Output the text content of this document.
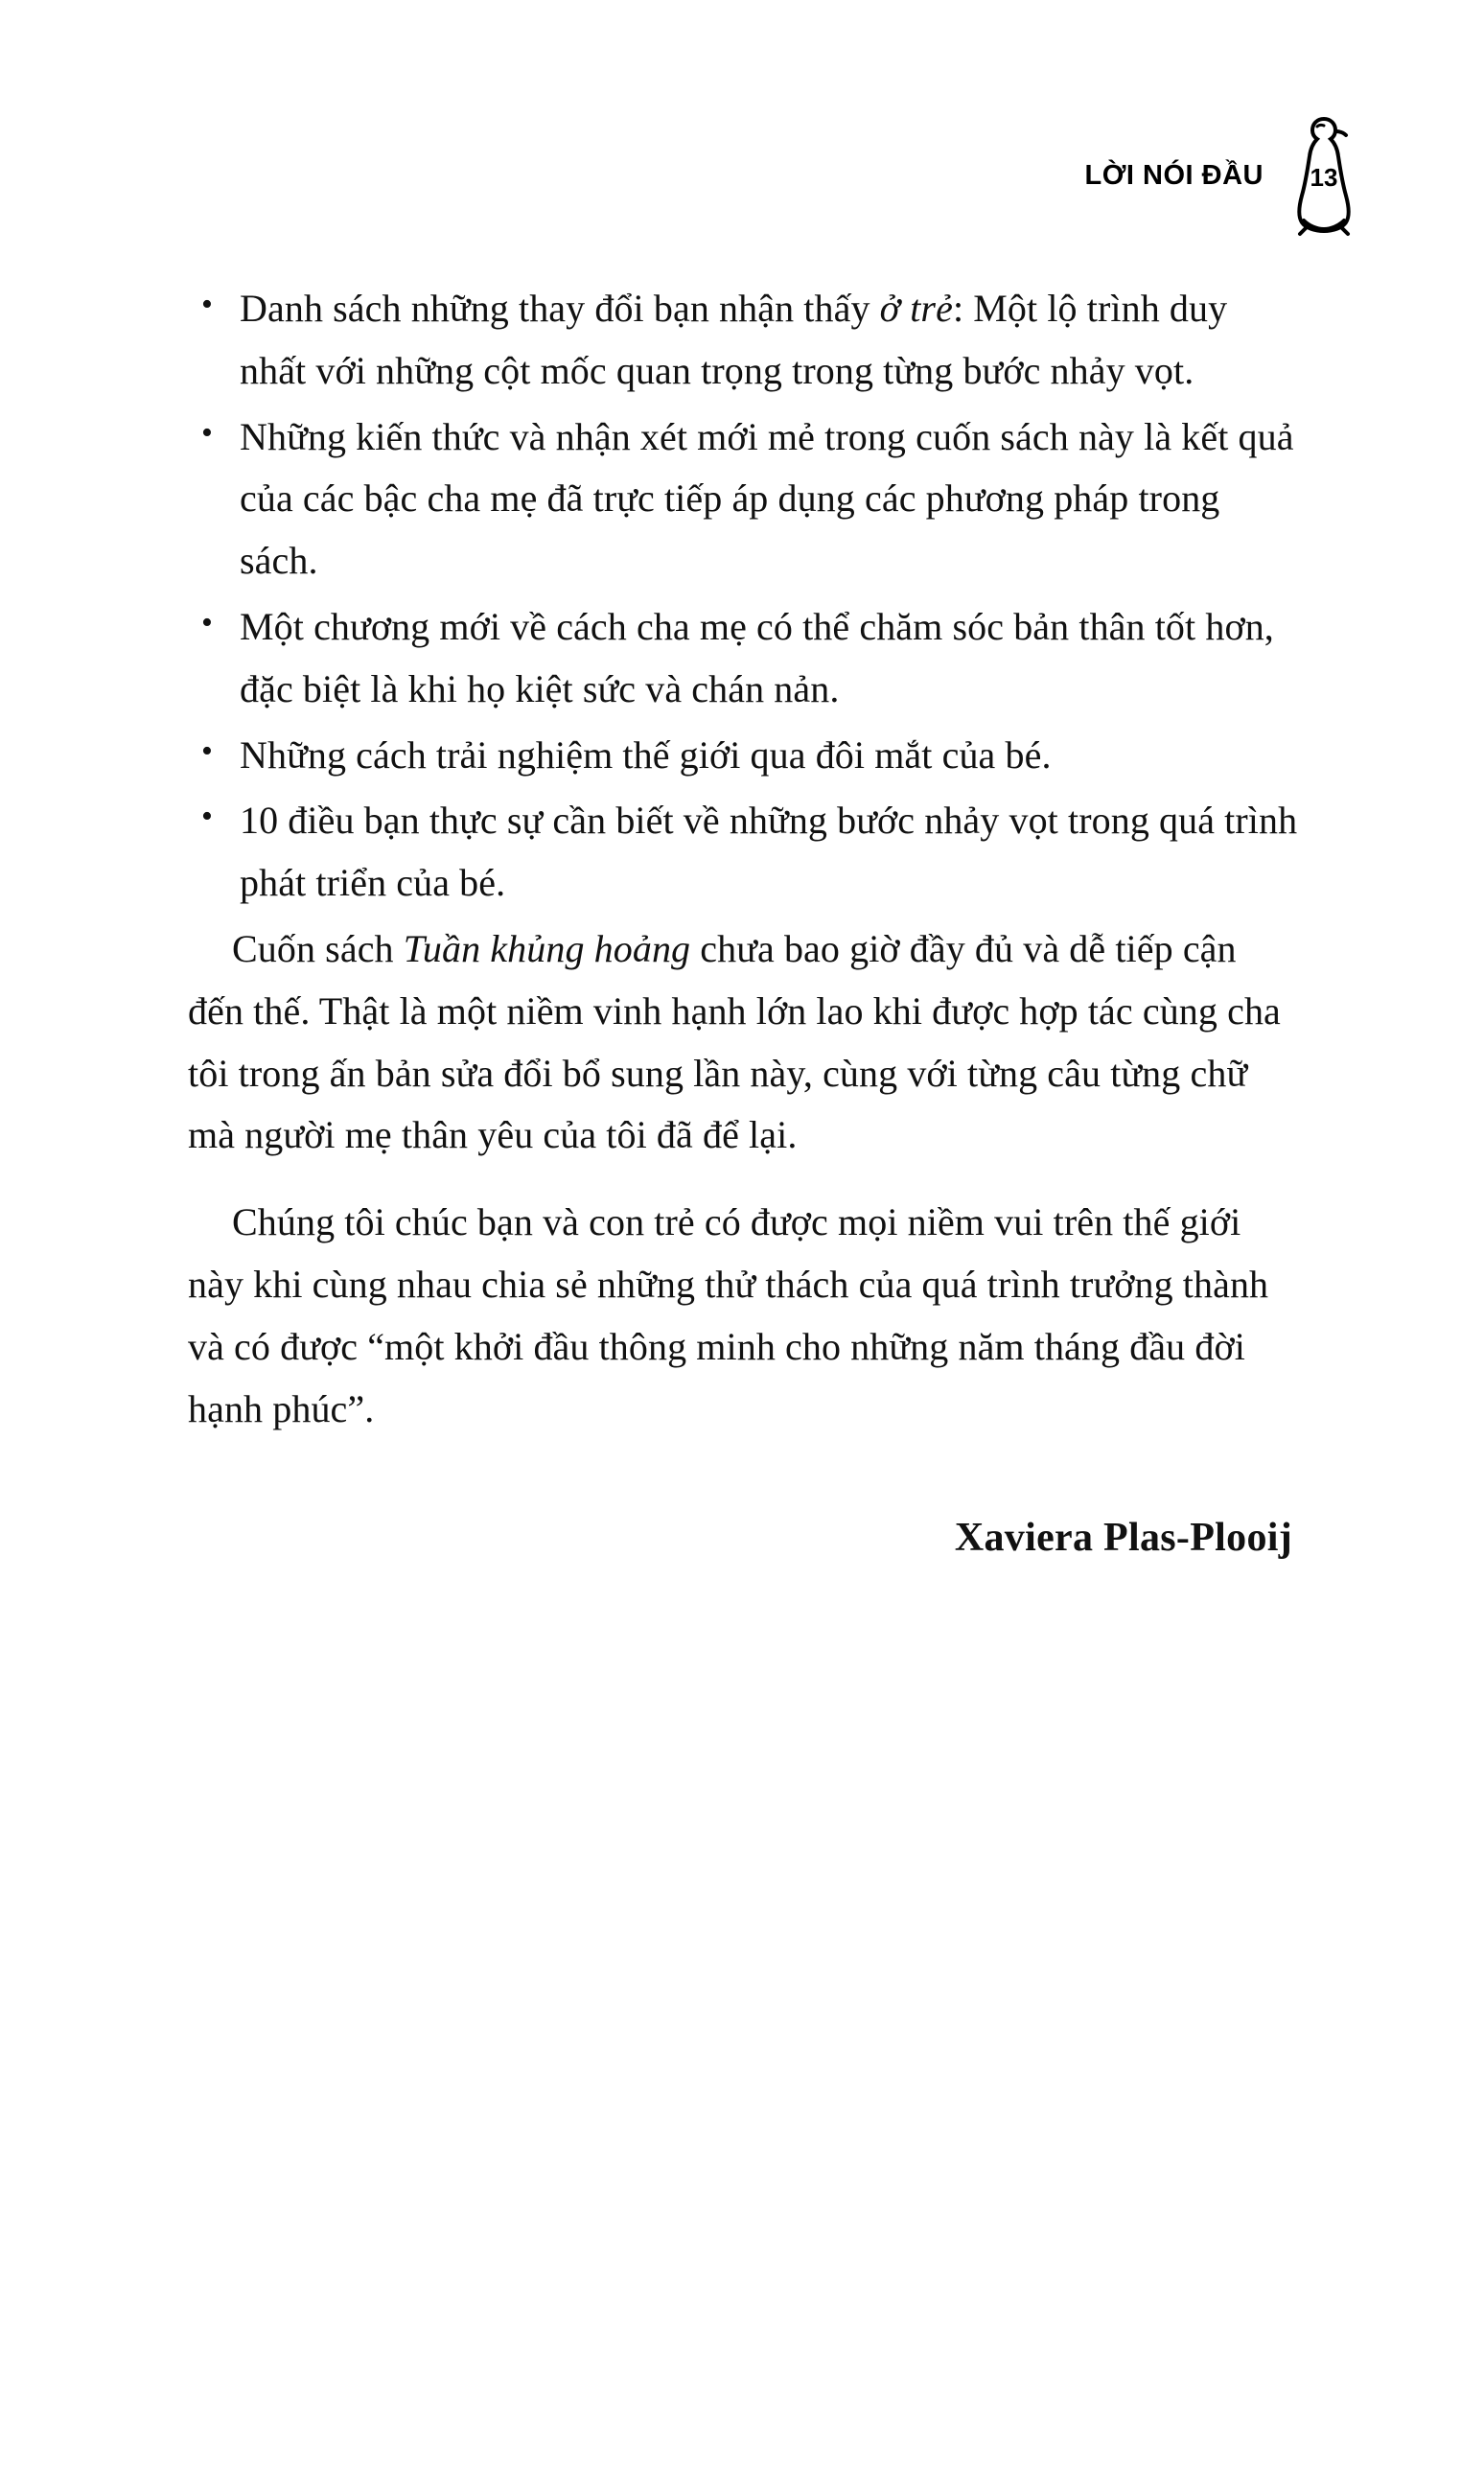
LỜI NÓI ĐẦU	13
• Danh sách những thay đổi bạn nhận thấy ở trẻ: Một lộ trình duy nhất với những cột mốc quan trọng trong từng bước nhảy vọt.
• Những kiến thức và nhận xét mới mẻ trong cuốn sách này là kết quả của các bậc cha mẹ đã trực tiếp áp dụng các phương pháp trong sách.
• Một chương mới về cách cha mẹ có thể chăm sóc bản thân tốt hơn, đặc biệt là khi họ kiệt sức và chán nản.
• Những cách trải nghiệm thế giới qua đôi mắt của bé.
• 10 điều bạn thực sự cần biết về những bước nhảy vọt trong quá trình phát triển của bé.

Cuốn sách Tuần khủng hoảng chưa bao giờ đầy đủ và dễ tiếp cận đến thế. Thật là một niềm vinh hạnh lớn lao khi được hợp tác cùng cha tôi trong ấn bản sửa đổi bổ sung lần này, cùng với từng câu từng chữ mà người mẹ thân yêu của tôi đã để lại.

Chúng tôi chúc bạn và con trẻ có được mọi niềm vui trên thế giới này khi cùng nhau chia sẻ những thử thách của quá trình trưởng thành và có được “một khởi đầu thông minh cho những năm tháng đầu đời hạnh phúc”.

Xaviera Plas-Plooij
